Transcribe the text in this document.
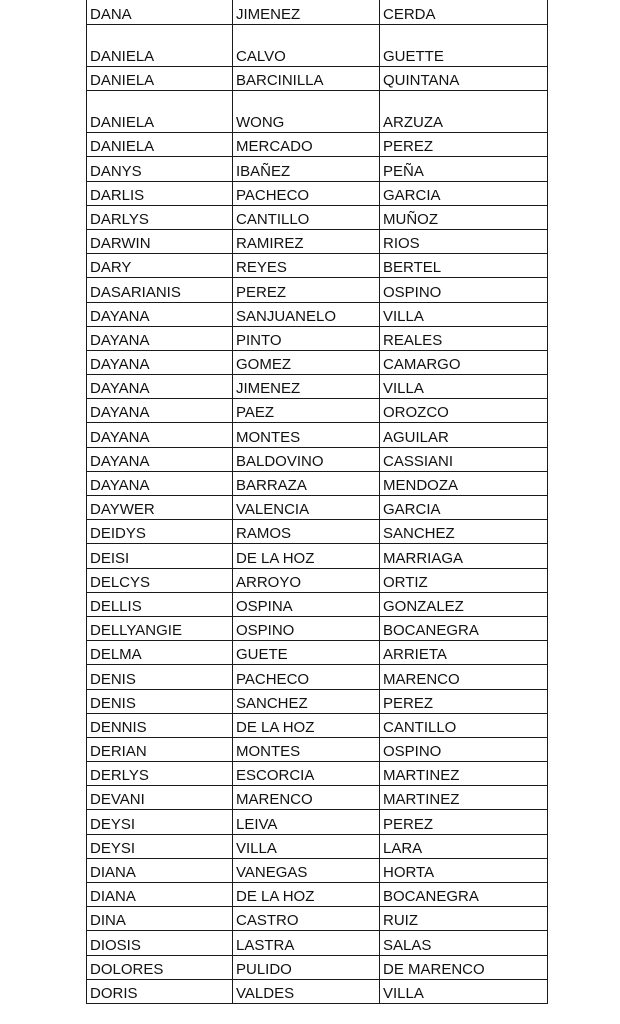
DANA	JIMENEZ	CERDA
DANIELA	CALVO	GUETTE
DANIELA	BARCINILLA	QUINTANA
DANIELA	WONG	ARZUZA
DANIELA	MERCADO	PEREZ
DANYS	IBAÑEZ	PEÑA
DARLIS	PACHECO	GARCIA
DARLYS	CANTILLO	MUÑOZ
DARWIN	RAMIREZ	RIOS
DARY	REYES	BERTEL
DASARIANIS	PEREZ	OSPINO
DAYANA	SANJUANELO	VILLA
DAYANA	PINTO	REALES
DAYANA	GOMEZ	CAMARGO
DAYANA	JIMENEZ	VILLA
DAYANA	PAEZ	OROZCO
DAYANA	MONTES	AGUILAR
DAYANA	BALDOVINO	CASSIANI
DAYANA	BARRAZA	MENDOZA
DAYWER	VALENCIA	GARCIA
DEIDYS	RAMOS	SANCHEZ
DEISI	DE LA HOZ	MARRIAGA
DELCYS	ARROYO	ORTIZ
DELLIS	OSPINA	GONZALEZ
DELLYANGIE	OSPINO	BOCANEGRA
DELMA	GUETE	ARRIETA
DENIS	PACHECO	MARENCO
DENIS	SANCHEZ	PEREZ
DENNIS	DE LA HOZ	CANTILLO
DERIAN	MONTES	OSPINO
DERLYS	ESCORCIA	MARTINEZ
DEVANI	MARENCO	MARTINEZ
DEYSI	LEIVA	PEREZ
DEYSI	VILLA	LARA
DIANA	VANEGAS	HORTA
DIANA	DE LA HOZ	BOCANEGRA
DINA	CASTRO	RUIZ
DIOSIS	LASTRA	SALAS
DOLORES	PULIDO	DE MARENCO
DORIS	VALDES	VILLA
